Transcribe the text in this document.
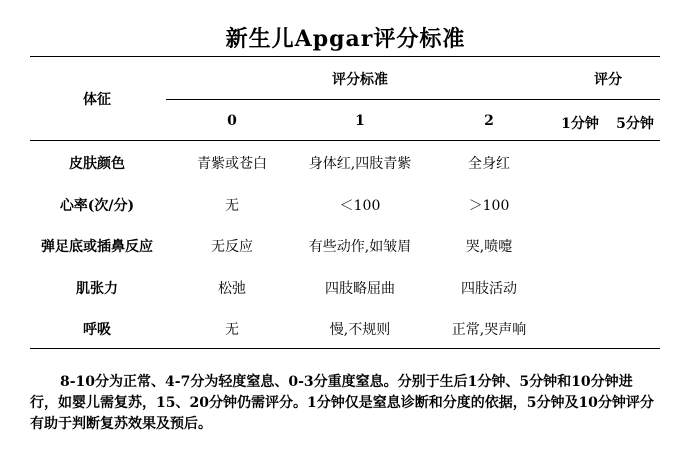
新生儿Apgar评分标准
体征
评分标准	评分
0	1	2	1分钟 5分钟
皮肤颜色	青紫或苍白	身体红,四肢青紫	全身红
心率(次/分)	无	＜100	＞100
弹足底或插鼻反应	无反应	有些动作,如皱眉	哭,喷嚏
肌张力	松弛	四肢略屈曲	四肢活动
呼吸	无	慢,不规则	正常,哭声响
8-10分为正常、4-7分为轻度窒息、0-3分重度窒息。分别于生后1分钟、5分钟和10分钟进行，如婴儿需复苏，15、20分钟仍需评分。1分钟仅是窒息诊断和分度的依据，5分钟及10分钟评分有助于判断复苏效果及预后。
